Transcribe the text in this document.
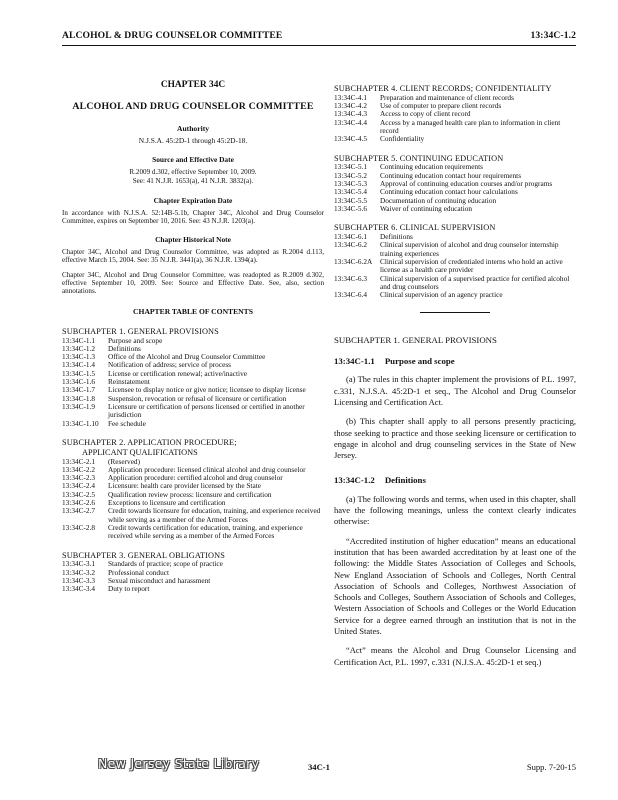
ALCOHOL & DRUG COUNSELOR COMMITTEE	13:34C-1.2
CHAPTER 34C
ALCOHOL AND DRUG COUNSELOR COMMITTEE
Authority
N.J.S.A. 45:2D-1 through 45:2D-18.
Source and Effective Date
R.2009 d.302, effective September 10, 2009.
See: 41 N.J.R. 1653(a), 41 N.J.R. 3832(a).
Chapter Expiration Date
In accordance with N.J.S.A. 52:14B-5.1b, Chapter 34C, Alcohol and Drug Counselor Committee, expires on September 10, 2016. See: 43 N.J.R. 1203(a).
Chapter Historical Note
Chapter 34C, Alcohol and Drug Counselor Committee, was adopted as R.2004 d.113, effective March 15, 2004. See: 35 N.J.R. 3441(a), 36 N.J.R. 1394(a).
Chapter 34C, Alcohol and Drug Counselor Committee, was readopted as R.2009 d.302, effective September 10, 2009. See: Source and Effective Date. See, also, section annotations.
CHAPTER TABLE OF CONTENTS
SUBCHAPTER 1. GENERAL PROVISIONS
13:34C-1.1	Purpose and scope
13:34C-1.2	Definitions
13:34C-1.3	Office of the Alcohol and Drug Counselor Committee
13:34C-1.4	Notification of address; service of process
13:34C-1.5	License or certification renewal; active/inactive
13:34C-1.6	Reinstatement
13:34C-1.7	Licensee to display notice or give notice; licensee to display license
13:34C-1.8	Suspension, revocation or refusal of licensure or certification
13:34C-1.9	Licensure or certification of persons licensed or certified in another jurisdiction
13:34C-1.10	Fee schedule
SUBCHAPTER 2. APPLICATION PROCEDURE;
APPLICANT QUALIFICATIONS
13:34C-2.1	(Reserved)
13:34C-2.2	Application procedure: licensed clinical alcohol and drug counselor
13:34C-2.3	Application procedure: certified alcohol and drug counselor
13:34C-2.4	Licensure: health care provider licensed by the State
13:34C-2.5	Qualification review process: licensure and certification
13:34C-2.6	Exceptions to licensure and certification
13:34C-2.7	Credit towards licensure for education, training, and experience received while serving as a member of the Armed Forces
13:34C-2.8	Credit towards certification for education, training, and experience received while serving as a member of the Armed Forces
SUBCHAPTER 3. GENERAL OBLIGATIONS
13:34C-3.1	Standards of practice; scope of practice
13:34C-3.2	Professional conduct
13:34C-3.3	Sexual misconduct and harassment
13:34C-3.4	Duty to report
SUBCHAPTER 4. CLIENT RECORDS; CONFIDENTIALITY
13:34C-4.1	Preparation and maintenance of client records
13:34C-4.2	Use of computer to prepare client records
13:34C-4.3	Access to copy of client record
13:34C-4.4	Access by a managed health care plan to information in client record
13:34C-4.5	Confidentiality
SUBCHAPTER 5. CONTINUING EDUCATION
13:34C-5.1	Continuing education requirements
13:34C-5.2	Continuing education contact hour requirements
13:34C-5.3	Approval of continuing education courses and/or programs
13:34C-5.4	Continuing education contact hour calculations
13:34C-5.5	Documentation of continuing education
13:34C-5.6	Waiver of continuing education
SUBCHAPTER 6. CLINICAL SUPERVISION
13:34C-6.1	Definitions
13:34C-6.2	Clinical supervision of alcohol and drug counselor internship training experiences
13:34C-6.2A	Clinical supervision of credentialed interns who hold an active license as a health care provider
13:34C-6.3	Clinical supervision of a supervised practice for certified alcohol and drug counselors
13:34C-6.4	Clinical supervision of an agency practice
SUBCHAPTER 1. GENERAL PROVISIONS
13:34C-1.1 Purpose and scope
(a) The rules in this chapter implement the provisions of P.L. 1997, c.331, N.J.S.A. 45:2D-1 et seq., The Alcohol and Drug Counselor Licensing and Certification Act.
(b) This chapter shall apply to all persons presently practicing, those seeking to practice and those seeking licensure or certification to engage in alcohol and drug counseling services in the State of New Jersey.
13:34C-1.2 Definitions
(a) The following words and terms, when used in this chapter, shall have the following meanings, unless the context clearly indicates otherwise:
“Accredited institution of higher education” means an educational institution that has been awarded accreditation by at least one of the following: the Middle States Association of Colleges and Schools, New England Association of Schools and Colleges, North Central Association of Schools and Colleges, Northwest Association of Schools and Colleges, Southern Association of Schools and Colleges, Western Association of Schools and Colleges or the World Education Service for a degree earned through an institution that is not in the United States.
“Act” means the Alcohol and Drug Counselor Licensing and Certification Act, P.L. 1997, c.331 (N.J.S.A. 45:2D-1 et seq.)
New Jersey State Library	34C-1	Supp. 7-20-15
